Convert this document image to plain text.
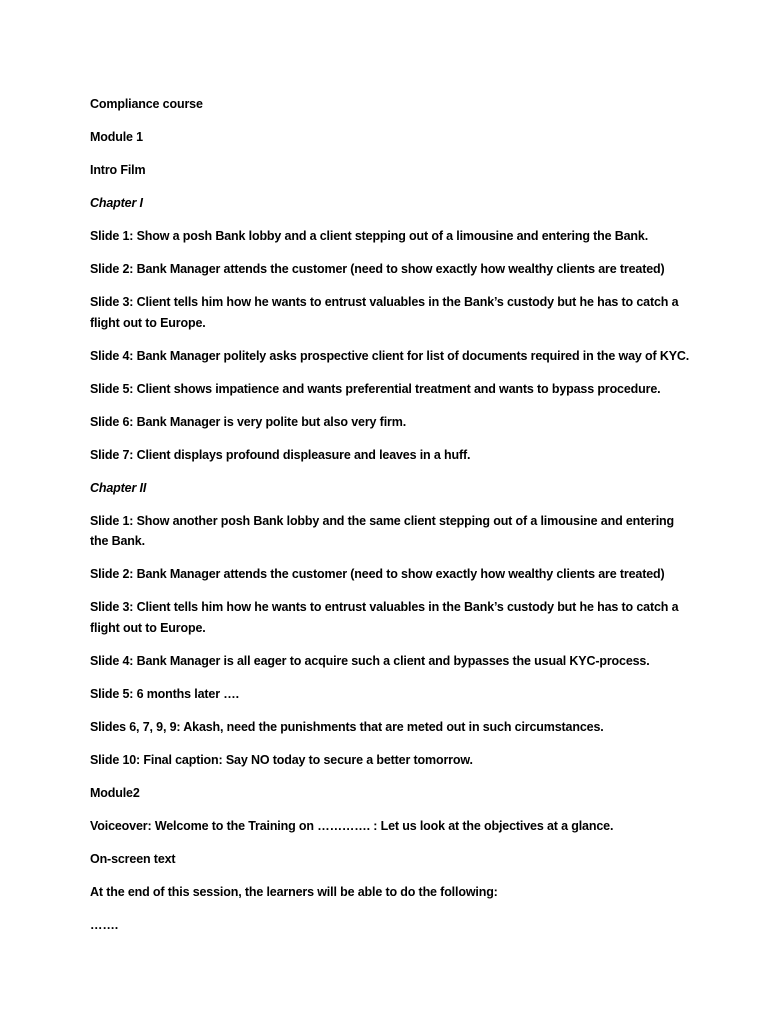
Compliance course

Module 1

Intro Film

Chapter I

Slide 1: Show a posh Bank lobby and a client stepping out of a limousine and entering the Bank.

Slide 2: Bank Manager attends the customer (need to show exactly how wealthy clients are treated)

Slide 3: Client tells him how he wants to entrust valuables in the Bank’s custody but he has to catch a flight out to Europe.

Slide 4: Bank Manager politely asks prospective client for list of documents required in the way of KYC.

Slide 5: Client shows impatience and wants preferential treatment and wants to bypass procedure.

Slide 6: Bank Manager is very polite but also very firm.

Slide 7: Client displays profound displeasure and leaves in a huff.

Chapter II

Slide 1: Show another posh Bank lobby and the same client stepping out of a limousine and entering the Bank.

Slide 2: Bank Manager attends the customer (need to show exactly how wealthy clients are treated)

Slide 3: Client tells him how he wants to entrust valuables in the Bank’s custody but he has to catch a flight out to Europe.

Slide 4: Bank Manager is all eager to acquire such a client and bypasses the usual KYC-process.

Slide 5: 6 months later ….

Slides 6, 7, 9, 9: Akash, need the punishments that are meted out in such circumstances.

Slide 10: Final caption: Say NO today to secure a better tomorrow.

Module2

Voiceover: Welcome to the Training on …………. : Let us look at the objectives at a glance.

On-screen text

At the end of this session, the learners will be able to do the following:

…….
